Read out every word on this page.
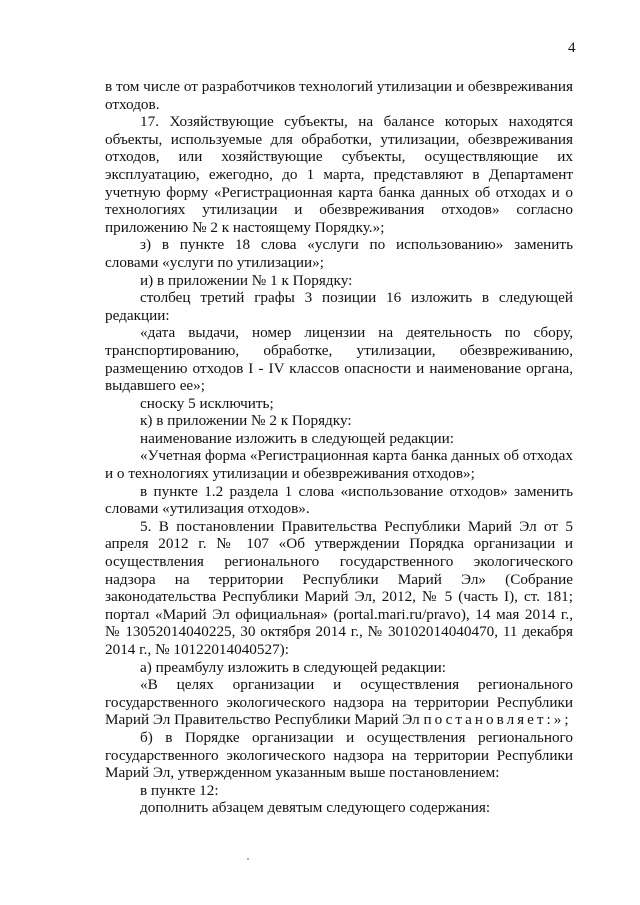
4

в том числе от разработчиков технологий утилизации и обезвреживания отходов.

17. Хозяйствующие субъекты, на балансе которых находятся объекты, используемые для обработки, утилизации, обезвреживания отходов, или хозяйствующие субъекты, осуществляющие их эксплуатацию, ежегодно, до 1 марта, представляют в Департамент учетную форму «Регистрационная карта банка данных об отходах и о технологиях утилизации и обезвреживания отходов» согласно приложению № 2 к настоящему Порядку.»;

з) в пункте 18 слова «услуги по использованию» заменить словами «услуги по утилизации»;

и) в приложении № 1 к Порядку:

столбец третий графы 3 позиции 16 изложить в следующей редакции:

«дата выдачи, номер лицензии на деятельность по сбору, транспортированию, обработке, утилизации, обезвреживанию, размещению отходов I - IV классов опасности и наименование органа, выдавшего ее»;

сноску 5 исключить;

к) в приложении № 2 к Порядку:

наименование изложить в следующей редакции:

«Учетная форма «Регистрационная карта банка данных об отходах и о технологиях утилизации и обезвреживания отходов»;

в пункте 1.2 раздела 1 слова «использование отходов» заменить словами «утилизация отходов».

5. В постановлении Правительства Республики Марий Эл от 5 апреля 2012 г. № 107 «Об утверждении Порядка организации и осуществления регионального государственного экологического надзора на территории Республики Марий Эл» (Собрание законодательства Республики Марий Эл, 2012, № 5 (часть I), ст. 181; портал «Марий Эл официальная» (portal.mari.ru/pravo), 14 мая 2014 г., № 13052014040225, 30 октября 2014 г., № 30102014040470, 11 декабря 2014 г., № 10122014040527):

а) преамбулу изложить в следующей редакции:

«В целях организации и осуществления регионального государственного экологического надзора на территории Республики Марий Эл Правительство Республики Марий Эл постановляет:»;

б) в Порядке организации и осуществления регионального государственного экологического надзора на территории Республики Марий Эл, утвержденном указанным выше постановлением:

в пункте 12:

дополнить абзацем девятым следующего содержания:
